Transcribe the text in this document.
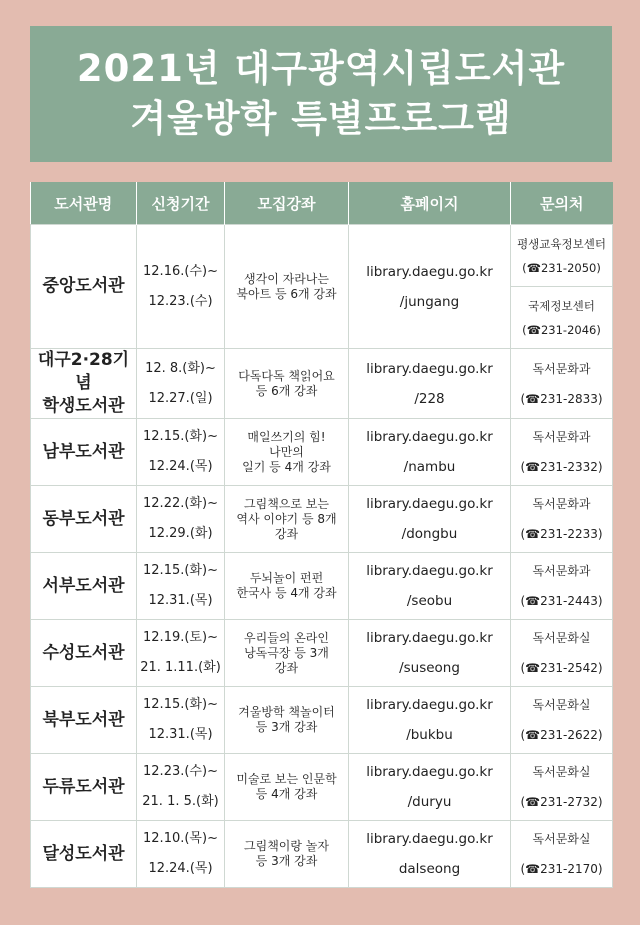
2021년 대구광역시립도서관
겨울방학 특별프로그램
도서관명	신청기간	모집강좌	홈페이지	문의처

중앙도서관	12.16.(수)~
12.23.(수)	생각이 자라나는
북아트 등 6개 강좌	library.daegu.go.kr
/jungang	평생교육정보센터
(☎231-2050)

				국제정보센터
(☎231-2046)

대구2·28기념
학생도서관	12. 8.(화)~
12.27.(일)	다독다독 책읽어요
등 6개 강좌	library.daegu.go.kr
/228	독서문화과
(☎231-2833)

남부도서관	12.15.(화)~
12.24.(목)	매일쓰기의 힘!
나만의
일기 등 4개 강좌	library.daegu.go.kr
/nambu	독서문화과
(☎231-2332)

동부도서관	12.22.(화)~
12.29.(화)	그림책으로 보는
역사 이야기 등 8개
강좌	library.daegu.go.kr
/dongbu	독서문화과
(☎231-2233)

서부도서관	12.15.(화)~
12.31.(목)	두뇌놀이 펀펀
한국사 등 4개 강좌	library.daegu.go.kr
/seobu	독서문화과
(☎231-2443)

수성도서관	12.19.(토)~
21. 1.11.(화)	우리들의 온라인
낭독극장 등 3개
강좌	library.daegu.go.kr
/suseong	독서문화실
(☎231-2542)

북부도서관	12.15.(화)~
12.31.(목)	겨울방학 책놀이터
등 3개 강좌	library.daegu.go.kr
/bukbu	독서문화실
(☎231-2622)

두류도서관	12.23.(수)~
21. 1. 5.(화)	미술로 보는 인문학
등 4개 강좌	library.daegu.go.kr
/duryu	독서문화실
(☎231-2732)

달성도서관	12.10.(목)~
12.24.(목)	그림책이랑 놀자
등 3개 강좌	library.daegu.go.kr
dalseong	독서문화실
(☎231-2170)
